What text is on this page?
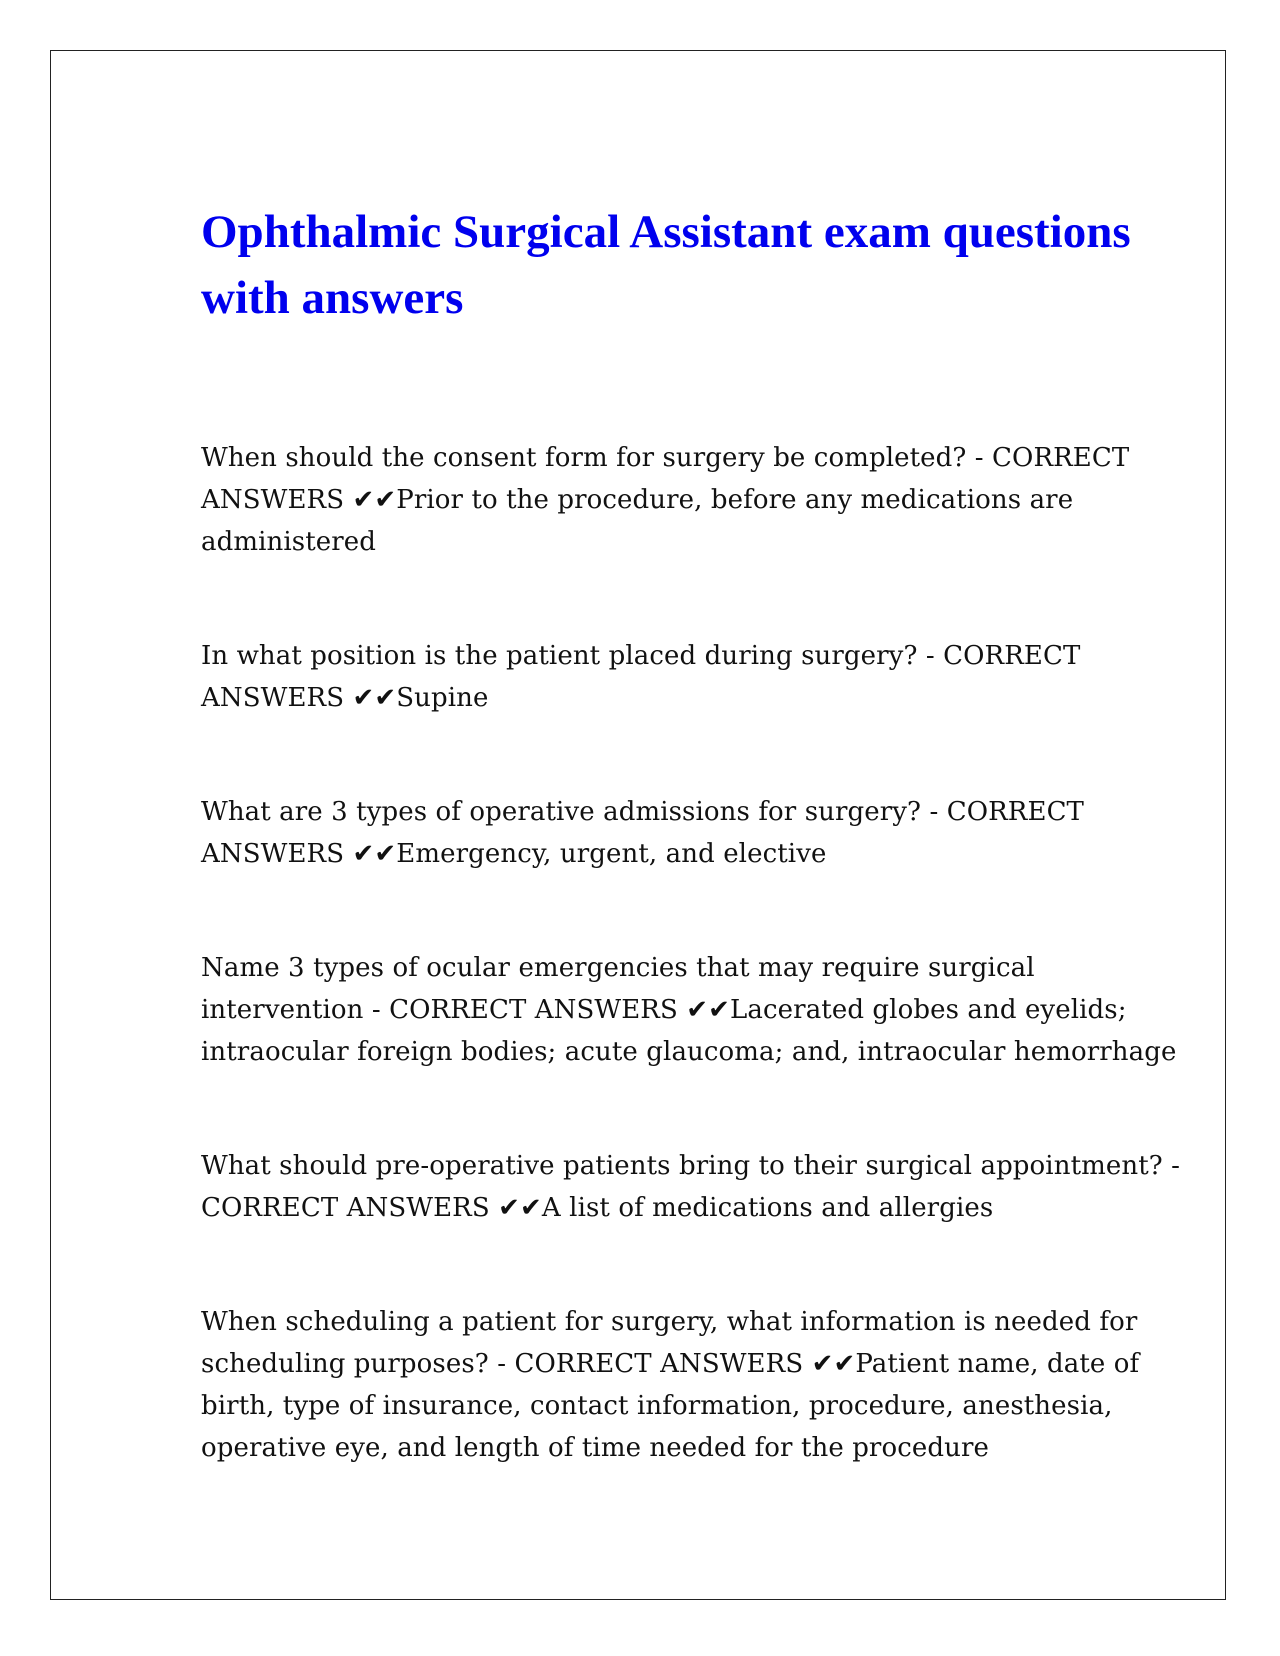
Ophthalmic Surgical Assistant exam questions with answers

When should the consent form for surgery be completed? - CORRECT ANSWERS ✔✔Prior to the procedure, before any medications are administered

In what position is the patient placed during surgery? - CORRECT ANSWERS ✔✔Supine

What are 3 types of operative admissions for surgery? - CORRECT ANSWERS ✔✔Emergency, urgent, and elective

Name 3 types of ocular emergencies that may require surgical intervention - CORRECT ANSWERS ✔✔Lacerated globes and eyelids; intraocular foreign bodies; acute glaucoma; and, intraocular hemorrhage

What should pre-operative patients bring to their surgical appointment? - CORRECT ANSWERS ✔✔A list of medications and allergies

When scheduling a patient for surgery, what information is needed for scheduling purposes? - CORRECT ANSWERS ✔✔Patient name, date of birth, type of insurance, contact information, procedure, anesthesia, operative eye, and length of time needed for the procedure
